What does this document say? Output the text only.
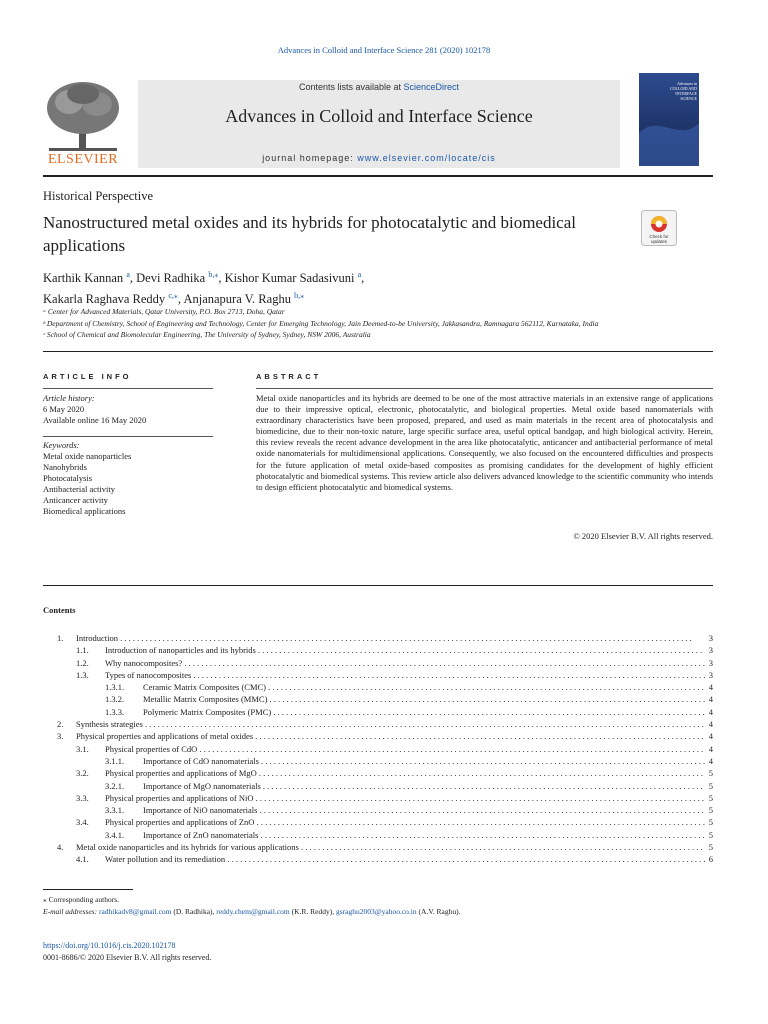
Advances in Colloid and Interface Science 281 (2020) 102178
ELSEVIER
Contents lists available at ScienceDirect
Advances in Colloid and Interface Science
journal homepage: www.elsevier.com/locate/cis
Advances in COLLOID AND INTERFACE SCIENCE
Historical Perspective
Nanostructured metal oxides and its hybrids for photocatalytic and biomedical applications	Check for updates
Karthik Kannan $^a$, Devi Radhika $^{b,⁎}$, Kishor Kumar Sadasivuni $^a$,
Kakarla Raghava Reddy $^{c,⁎}$, Anjanapura V. Raghu $^{b,⁎}$
ᵃ Center for Advanced Materials, Qatar University, P.O. Box 2713, Doha, Qatar
ᵇ Department of Chemistry, School of Engineering and Technology, Center for Emerging Technology, Jain Deemed-to-be University, Jakkasandra, Ramnagara 562112, Karnataka, India
ᶜ School of Chemical and Biomolecular Engineering, The University of Sydney, Sydney, NSW 2006, Australia
ARTICLE INFO
Article history:
6 May 2020
Available online 16 May 2020
Keywords:
Metal oxide nanoparticles
Nanohybrids
Photocatalysis
Antibacterial activity
Anticancer activity
Biomedical applications
ABSTRACT
Metal oxide nanoparticles and its hybrids are deemed to be one of the most attractive materials in an extensive range of applications due to their impressive optical, electronic, photocatalytic, and biological properties. Metal oxide based nanomaterials with extraordinary characteristics have been proposed, prepared, and used as main materials in the recent area of photocatalysis and biomedicine, due to their non-toxic nature, large specific surface area, useful optical bandgap, and high biological activity. Herein, this review reveals the recent advance development in the area like photocatalytic, anticancer and antibacterial performance of metal oxide nanomaterials for multidimensional applications. Consequently, we also focused on the encountered difficulties and prospects for the future application of metal oxide-based composites as promising candidates for the development of highly efficient photocatalytic and biomedical systems. This review article also delivers advanced knowledge to the scientific community who intends to design efficient photocatalytic and biomedical systems.
© 2020 Elsevier B.V. All rights reserved.
Contents
1. Introduction . . .	3
1.1. Introduction of nanoparticles and its hybrids . . .	3
1.2. Why nanocomposites? . . .	3
1.3. Types of nanocomposites . . .	3
1.3.1. Ceramic Matrix Composites (CMC) . . .	4
1.3.2. Metallic Matrix Composites (MMC) . . .	4
1.3.3. Polymeric Matrix Composites (PMC) . . .	4
2. Synthesis strategies . . .	4
3. Physical properties and applications of metal oxides . . .	4
3.1. Physical properties of CdO . . .	4
3.1.1. Importance of CdO nanomaterials . . .	4
3.2. Physical properties and applications of MgO . . .	5
3.2.1. Importance of MgO nanomaterials . . .	5
3.3. Physical properties and applications of NiO . . .	5
3.3.1. Importance of NiO nanomaterials . . .	5
3.4. Physical properties and applications of ZnO . . .	5
3.4.1. Importance of ZnO nanomaterials . . .	5
4. Metal oxide nanoparticles and its hybrids for various applications . . .	5
4.1. Water pollution and its remediation . . .	6
⁎ Corresponding authors.
E-mail addresses: radhikadv8@gmail.com (D. Radhika), reddy.chem@gmail.com (K.R. Reddy), gsraghu2003@yahoo.co.in (A.V. Raghu).
https://doi.org/10.1016/j.cis.2020.102178
0001-8686/© 2020 Elsevier B.V. All rights reserved.
